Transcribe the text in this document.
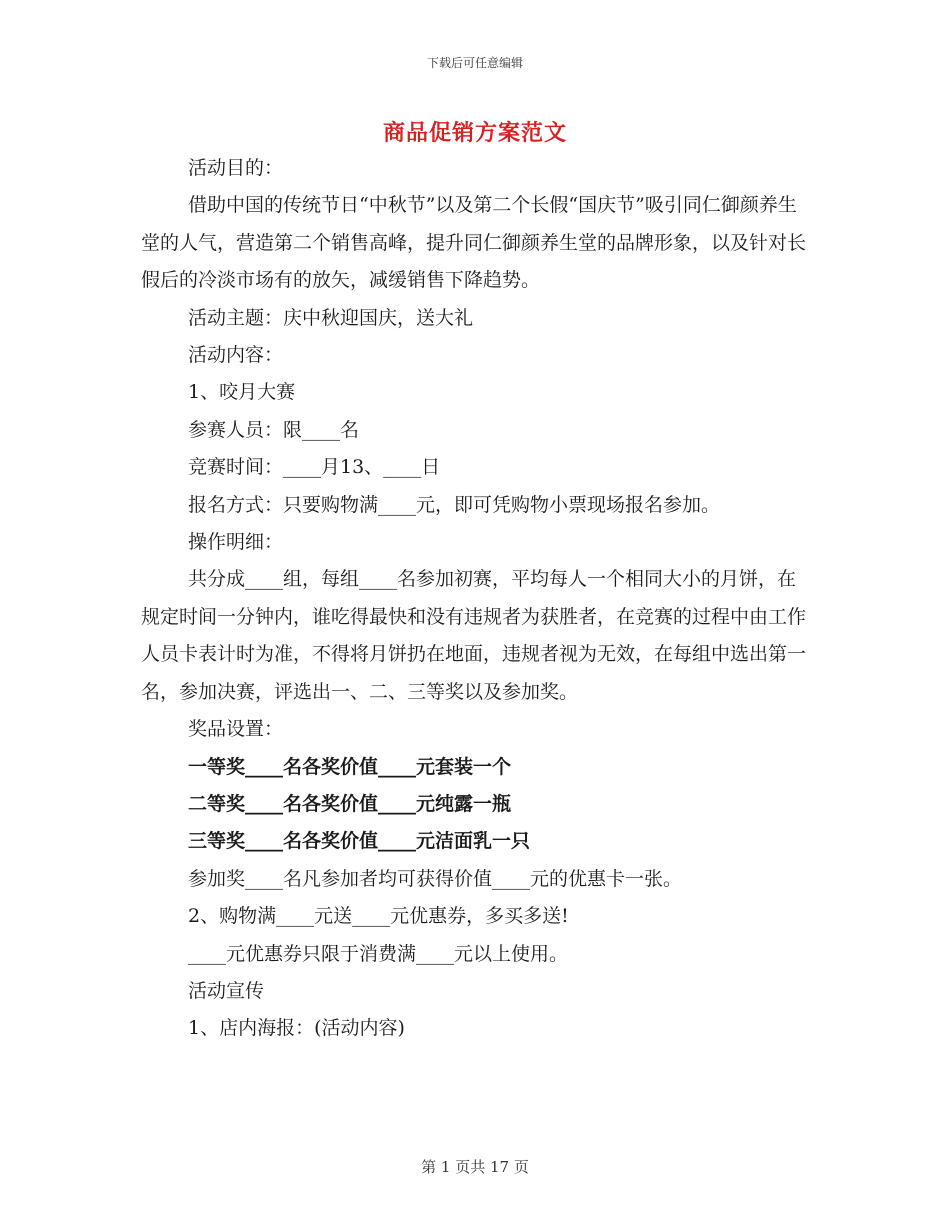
下载后可任意编辑
商品促销方案范文

活动目的：

借助中国的传统节日“中秋节”以及第二个长假“国庆节”吸引同仁御颜养生堂的人气，营造第二个销售高峰，提升同仁御颜养生堂的品牌形象，以及针对长假后的冷淡市场有的放矢，减缓销售下降趋势。

活动主题：庆中秋迎国庆，送大礼

活动内容：

1、咬月大赛

参赛人员：限____名

竞赛时间：____月13、____日

报名方式：只要购物满____元，即可凭购物小票现场报名参加。

操作明细：

共分成____组，每组____名参加初赛，平均每人一个相同大小的月饼，在规定时间一分钟内，谁吃得最快和没有违规者为获胜者，在竞赛的过程中由工作人员卡表计时为准，不得将月饼扔在地面，违规者视为无效，在每组中选出第一名，参加决赛，评选出一、二、三等奖以及参加奖。

奖品设置：

一等奖____名各奖价值____元套装一个

二等奖____名各奖价值____元纯露一瓶

三等奖____名各奖价值____元洁面乳一只

参加奖____名凡参加者均可获得价值____元的优惠卡一张。

2、购物满____元送____元优惠券，多买多送!

____元优惠券只限于消费满____元以上使用。

活动宣传

1、店内海报：(活动内容)

第 1 页共 17 页
